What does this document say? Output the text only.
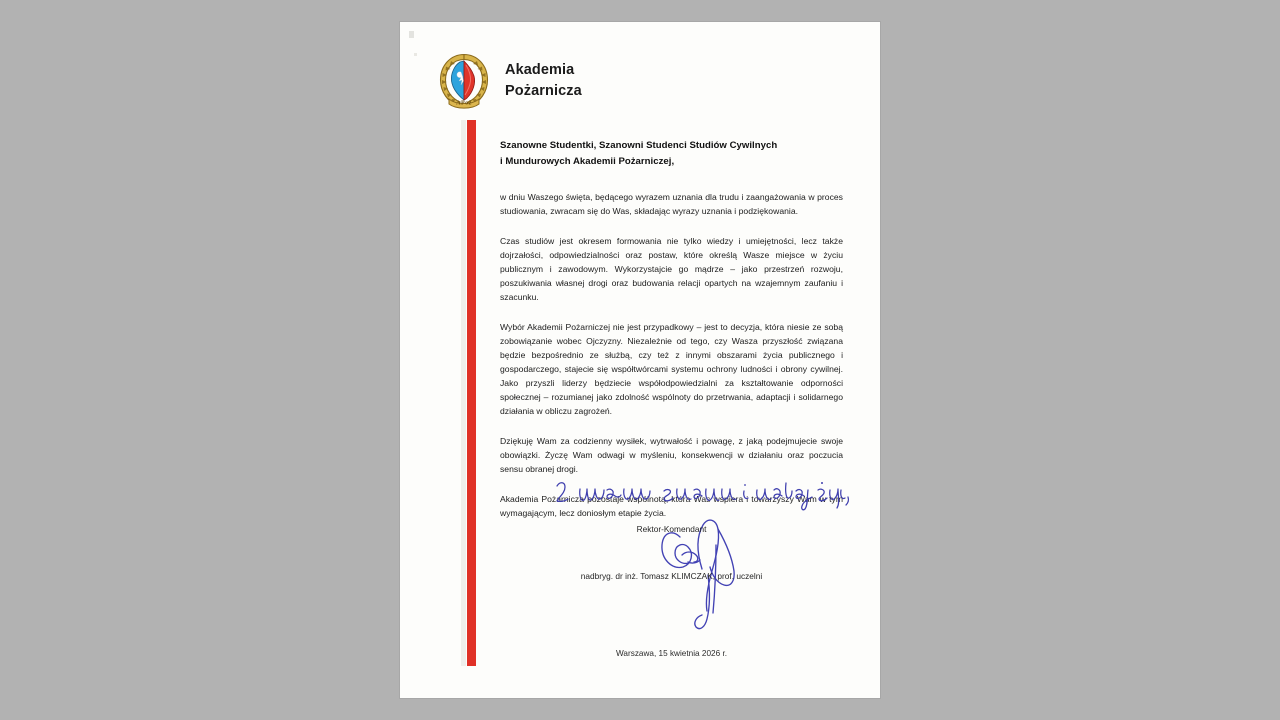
APoż
Akademia
Pożarnicza
Szanowne Studentki, Szanowni Studenci Studiów Cywilnych
i Mundurowych Akademii Pożarniczej,

w dniu Waszego święta, będącego wyrazem uznania dla trudu i zaangażowania w proces studiowania, zwracam się do Was, składając wyrazy uznania i podziękowania.

Czas studiów jest okresem formowania nie tylko wiedzy i umiejętności, lecz także dojrzałości, odpowiedzialności oraz postaw, które określą Wasze miejsce w życiu publicznym i zawodowym. Wykorzystajcie go mądrze – jako przestrzeń rozwoju, poszukiwania własnej drogi oraz budowania relacji opartych na wzajemnym zaufaniu i szacunku.

Wybór Akademii Pożarniczej nie jest przypadkowy – jest to decyzja, która niesie ze sobą zobowiązanie wobec Ojczyzny. Niezależnie od tego, czy Wasza przyszłość związana będzie bezpośrednio ze służbą, czy też z innymi obszarami życia publicznego i gospodarczego, stajecie się współtwórcami systemu ochrony ludności i obrony cywilnej. Jako przyszli liderzy będziecie współodpowiedzialni za kształtowanie odporności społecznej – rozumianej jako zdolność wspólnoty do przetrwania, adaptacji i solidarnego działania w obliczu zagrożeń.

Dziękuję Wam za codzienny wysiłek, wytrwałość i powagę, z jaką podejmujecie swoje obowiązki. Życzę Wam odwagi w myśleniu, konsekwencji w działaniu oraz poczucia sensu obranej drogi.

Akademia Pożarnicza pozostaje wspólnotą, która Was wspiera i towarzyszy Wam w tym wymagającym, lecz doniosłym etapie życia.

Rektor-Komendant
nadbryg. dr inż. Tomasz KLIMCZAK, prof. uczelni
Warszawa, 15 kwietnia 2026 r.
